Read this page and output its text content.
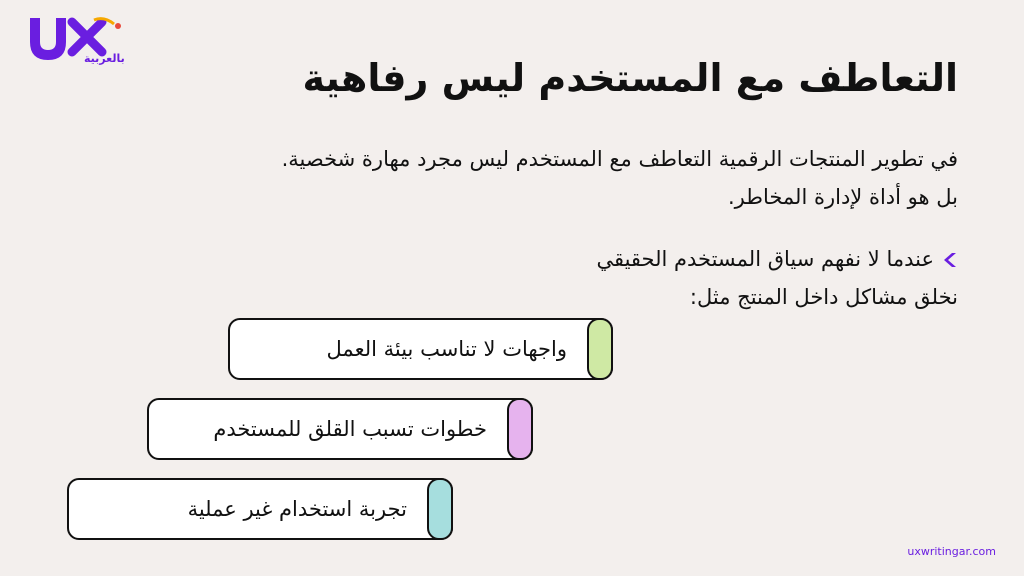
بالعربية	التعاطف مع المستخدم ليس رفاهية
في تطوير المنتجات الرقمية التعاطف مع المستخدم ليس مجرد مهارة شخصية.
بل هو أداة لإدارة المخاطر.
عندما لا نفهم سياق المستخدم الحقيقي
نخلق مشاكل داخل المنتج مثل:
واجهات لا تناسب بيئة العمل
خطوات تسبب القلق للمستخدم
تجربة استخدام غير عملية
uxwritingar.com
